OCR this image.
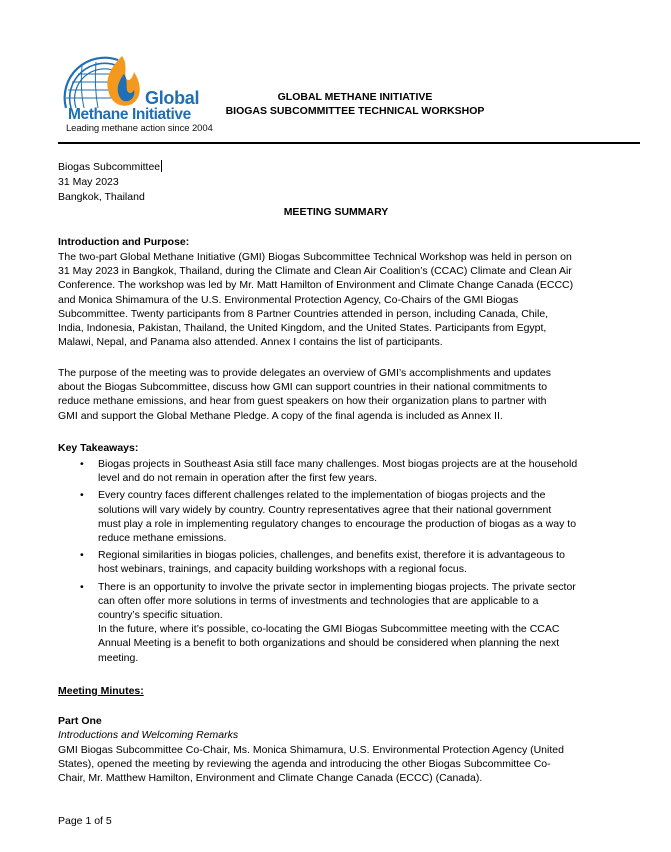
Global
Methane Initiative
Leading methane action since 2004
GLOBAL METHANE INITIATIVE
BIOGAS SUBCOMMITTEE TECHNICAL WORKSHOP
Biogas Subcommittee
31 May 2023
Bangkok, Thailand
MEETING SUMMARY
Introduction and Purpose:
The two-part Global Methane Initiative (GMI) Biogas Subcommittee Technical Workshop was held in person on
31 May 2023 in Bangkok, Thailand, during the Climate and Clean Air Coalition’s (CCAC) Climate and Clean Air
Conference. The workshop was led by Mr. Matt Hamilton of Environment and Climate Change Canada (ECCC)
and Monica Shimamura of the U.S. Environmental Protection Agency, Co-Chairs of the GMI Biogas
Subcommittee. Twenty participants from 8 Partner Countries attended in person, including Canada, Chile,
India, Indonesia, Pakistan, Thailand, the United Kingdom, and the United States. Participants from Egypt,
Malawi, Nepal, and Panama also attended. Annex I contains the list of participants.
The purpose of the meeting was to provide delegates an overview of GMI’s accomplishments and updates
about the Biogas Subcommittee, discuss how GMI can support countries in their national commitments to
reduce methane emissions, and hear from guest speakers on how their organization plans to partner with
GMI and support the Global Methane Pledge. A copy of the final agenda is included as Annex II.
Key Takeaways:
• Biogas projects in Southeast Asia still face many challenges. Most biogas projects are at the household
level and do not remain in operation after the first few years.
• Every country faces different challenges related to the implementation of biogas projects and the
solutions will vary widely by country. Country representatives agree that their national government
must play a role in implementing regulatory changes to encourage the production of biogas as a way to
reduce methane emissions.
• Regional similarities in biogas policies, challenges, and benefits exist, therefore it is advantageous to
host webinars, trainings, and capacity building workshops with a regional focus.
• There is an opportunity to involve the private sector in implementing biogas projects. The private sector
can often offer more solutions in terms of investments and technologies that are applicable to a
country’s specific situation.
In the future, where it’s possible, co-locating the GMI Biogas Subcommittee meeting with the CCAC
Annual Meeting is a benefit to both organizations and should be considered when planning the next
meeting.
Meeting Minutes:
Part One
Introductions and Welcoming Remarks
GMI Biogas Subcommittee Co-Chair, Ms. Monica Shimamura, U.S. Environmental Protection Agency (United
States), opened the meeting by reviewing the agenda and introducing the other Biogas Subcommittee Co-
Chair, Mr. Matthew Hamilton, Environment and Climate Change Canada (ECCC) (Canada).
Page 1 of 5
